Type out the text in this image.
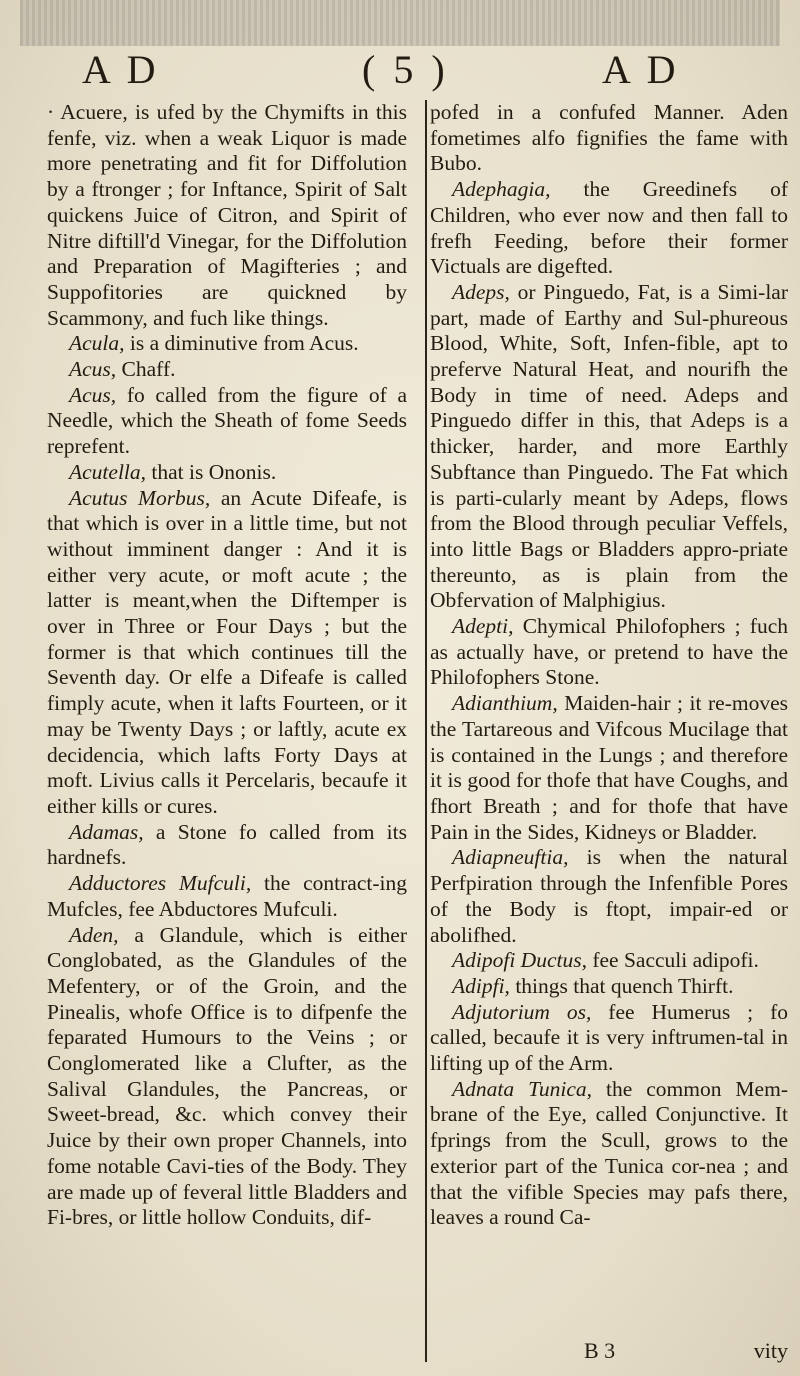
A D	( 5 )	A D

· Acuere, is ufed by the Chymifts in this fenfe, viz. when a weak Liquor is made more penetrating and fit for Diffolution by a ftronger ; for Inftance, Spirit of Salt quickens Juice of Citron, and Spirit of Nitre diftill'd Vinegar, for the Diffolution and Preparation of Magifteries ; and Suppofitories are quickned by Scammony, and fuch like things.

Acula, is a diminutive from Acus.

Acus, Chaff.

Acus, fo called from the figure of a Needle, which the Sheath of fome Seeds reprefent.

Acutella, that is Ononis.

Acutus Morbus, an Acute Difeafe, is that which is over in a little time, but not without imminent danger : And it is either very acute, or moft acute ; the latter is meant,when the Diftemper is over in Three or Four Days ; but the former is that which continues till the Seventh day. Or elfe a Difeafe is called fimply acute, when it lafts Fourteen, or it may be Twenty Days ; or laftly, acute ex decidencia, which lafts Forty Days at moft. Livius calls it Percelaris, becaufe it either kills or cures.

Adamas, a Stone fo called from its hardnefs.

Adductores Mufculi, the contract-ing Mufcles, fee Abductores Mufculi.

Aden, a Glandule, which is either Conglobated, as the Glandules of the Mefentery, or of the Groin, and the Pinealis, whofe Office is to difpenfe the feparated Humours to the Veins ; or Conglomerated like a Clufter, as the Salival Glandules, the Pancreas, or Sweet-bread, &c. which convey their Juice by their own proper Channels, into fome notable Cavi-ties of the Body. They are made up of feveral little Bladders and Fi-bres, or little hollow Conduits, dif-

pofed in a confufed Manner. Aden fometimes alfo fignifies the fame with Bubo.

Adephagia, the Greedinefs of Children, who ever now and then fall to frefh Feeding, before their former Victuals are digefted.

Adeps, or Pinguedo, Fat, is a Simi-lar part, made of Earthy and Sul-phureous Blood, White, Soft, Infen-fible, apt to preferve Natural Heat, and nourifh the Body in time of need. Adeps and Pinguedo differ in this, that Adeps is a thicker, harder, and more Earthly Subftance than Pinguedo. The Fat which is parti-cularly meant by Adeps, flows from the Blood through peculiar Veffels, into little Bags or Bladders appro-priate thereunto, as is plain from the Obfervation of Malphigius.

Adepti, Chymical Philofophers ; fuch as actually have, or pretend to have the Philofophers Stone.

Adianthium, Maiden-hair ; it re-moves the Tartareous and Vifcous Mucilage that is contained in the Lungs ; and therefore it is good for thofe that have Coughs, and fhort Breath ; and for thofe that have Pain in the Sides, Kidneys or Bladder.

Adiapneuftia, is when the natural Perfpiration through the Infenfible Pores of the Body is ftopt, impair-ed or abolifhed.

Adipofi Ductus, fee Sacculi adipofi.

Adipfi, things that quench Thirft.

Adjutorium os, fee Humerus ; fo called, becaufe it is very inftrumen-tal in lifting up of the Arm.

Adnata Tunica, the common Mem-brane of the Eye, called Conjunctive. It fprings from the Scull, grows to the exterior part of the Tunica cor-nea ; and that the vifible Species may pafs there, leaves a round Ca-

B 3	vity
